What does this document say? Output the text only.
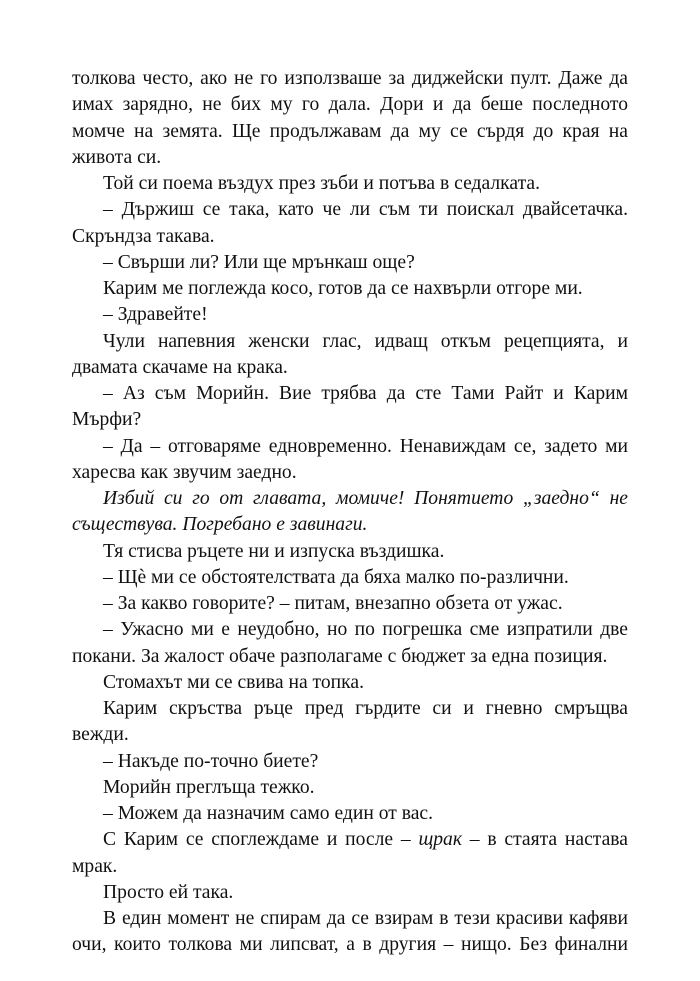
толкова често, ако не го използваше за диджейски пулт. Даже да имах зарядно, не бих му го дала. Дори и да беше последното момче на земята. Ще продължавам да му се сърдя до края на живота си.

Той си поема въздух през зъби и потъва в седалката.

– Държиш се така, като че ли съм ти поискал двайсетачка. Скръндза такава.

– Свърши ли? Или ще мрънкаш още?

Карим ме поглежда косо, готов да се нахвърли отгоре ми.

– Здравейте!

Чули напевния женски глас, идващ откъм рецепцията, и двамата скачаме на крака.

– Аз съм Морийн. Вие трябва да сте Тами Райт и Карим Мърфи?

– Да – отговаряме едновременно. Ненавиждам се, задето ми харесва как звучим заедно.

Избий си го от главата, момиче! Понятието „заедно“ не съществува. Погребано е завинаги.

Тя стисва ръцете ни и изпуска въздишка.

– Щѐ ми се обстоятелствата да бяха малко по-различни.

– За какво говорите? – питам, внезапно обзета от ужас.

– Ужасно ми е неудобно, но по погрешка сме изпратили две покани. За жалост обаче разполагаме с бюджет за една позиция.

Стомахът ми се свива на топка.

Карим скръства ръце пред гърдите си и гневно смръщва вежди.

– Накъде по-точно биете?

Морийн преглъща тежко.

– Можем да назначим само един от вас.

С Карим се споглеждаме и после – щрак – в стаята настава мрак.

Просто ей така.

В един момент не спирам да се взирам в тези красиви кафяви очи, които толкова ми липсват, а в другия – нищо. Без финални
